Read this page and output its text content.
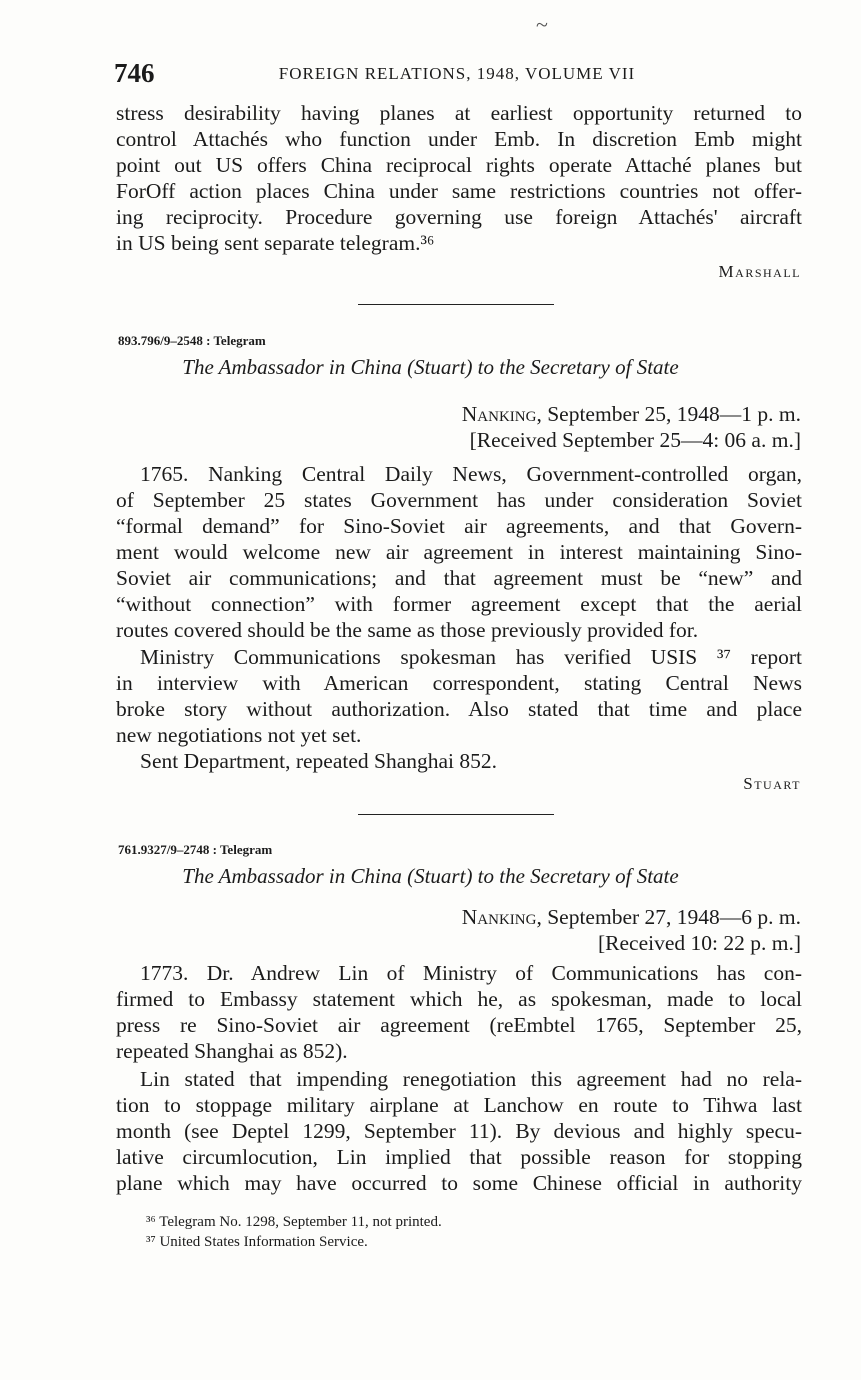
~
746	FOREIGN RELATIONS, 1948, VOLUME VII
stress desirability having planes at earliest opportunity returned to
control Attachés who function under Emb. In discretion Emb might
point out US offers China reciprocal rights operate Attaché planes but
ForOff action places China under same restrictions countries not offer-
ing reciprocity. Procedure governing use foreign Attachés' aircraft
in US being sent separate telegram.³⁶
Marshall
893.796/9–2548 : Telegram
The Ambassador in China (Stuart) to the Secretary of State
Nanking, September 25, 1948—1 p. m.
[Received September 25—4: 06 a. m.]
1765. Nanking Central Daily News, Government-controlled organ,
of September 25 states Government has under consideration Soviet
“formal demand” for Sino-Soviet air agreements, and that Govern-
ment would welcome new air agreement in interest maintaining Sino-
Soviet air communications; and that agreement must be “new” and
“without connection” with former agreement except that the aerial
routes covered should be the same as those previously provided for.
Ministry Communications spokesman has verified USIS ³⁷ report
in interview with American correspondent, stating Central News
broke story without authorization. Also stated that time and place
new negotiations not yet set.
Sent Department, repeated Shanghai 852.
Stuart
761.9327/9–2748 : Telegram
The Ambassador in China (Stuart) to the Secretary of State
Nanking, September 27, 1948—6 p. m.
[Received 10: 22 p. m.]
1773. Dr. Andrew Lin of Ministry of Communications has con-
firmed to Embassy statement which he, as spokesman, made to local
press re Sino-Soviet air agreement (reEmbtel 1765, September 25,
repeated Shanghai as 852).
Lin stated that impending renegotiation this agreement had no rela-
tion to stoppage military airplane at Lanchow en route to Tihwa last
month (see Deptel 1299, September 11). By devious and highly specu-
lative circumlocution, Lin implied that possible reason for stopping
plane which may have occurred to some Chinese official in authority
³⁶ Telegram No. 1298, September 11, not printed.
³⁷ United States Information Service.
